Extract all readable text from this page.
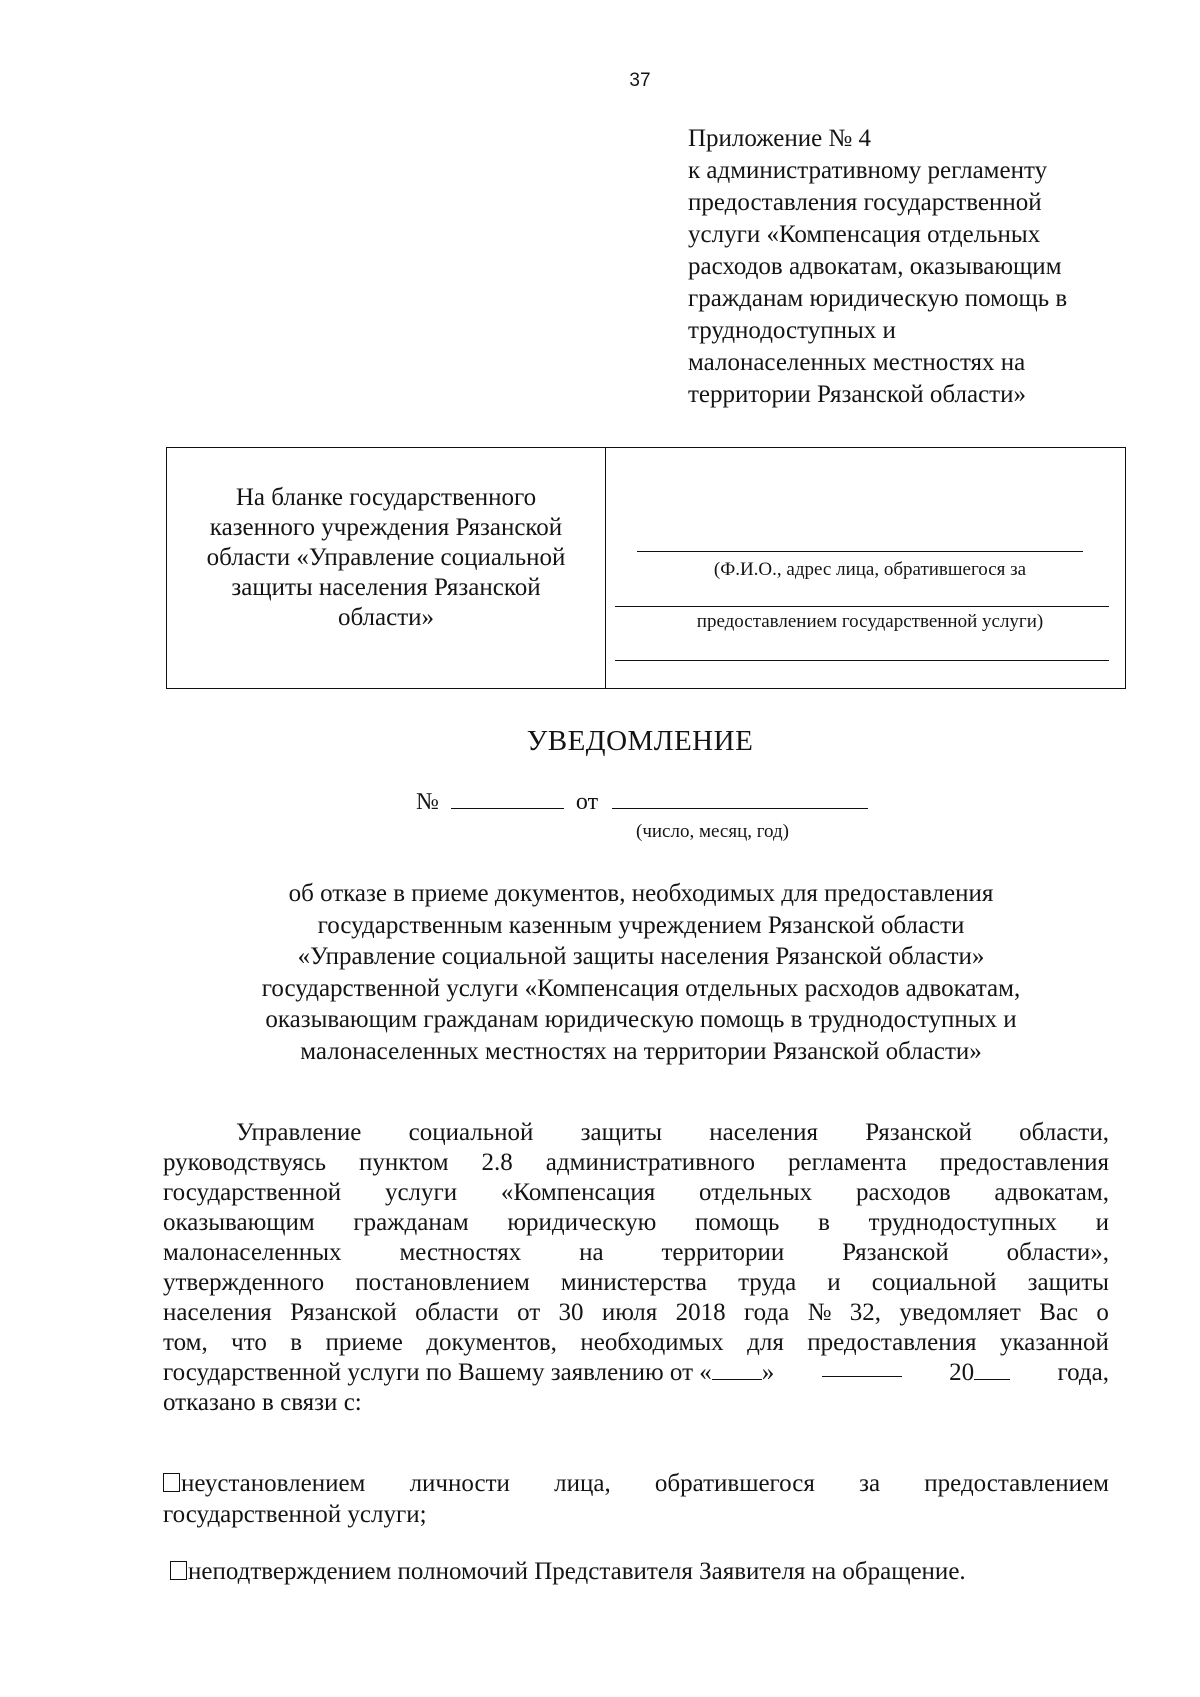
37
Приложение № 4
к административному регламенту
предоставления государственной
услуги «Компенсация отдельных
расходов адвокатам, оказывающим
гражданам юридическую помощь в
труднодоступных и
малонаселенных местностях на
территории Рязанской области»
На бланке государственного
казенного учреждения Рязанской
области «Управление социальной
защиты населения Рязанской
области»
(Ф.И.О., адрес лица, обратившегося за
предоставлением государственной услуги)
УВЕДОМЛЕНИЕ
№	от
(число, месяц, год)
об отказе в приеме документов, необходимых для предоставления
государственным казенным учреждением Рязанской области
«Управление социальной защиты населения Рязанской области»
государственной услуги «Компенсация отдельных расходов адвокатам,
оказывающим гражданам юридическую помощь в труднодоступных и
малонаселенных местностях на территории Рязанской области»
Управление социальной защиты населения Рязанской области,
руководствуясь пунктом 2.8 административного регламента предоставления
государственной услуги «Компенсация отдельных расходов адвокатам,
оказывающим гражданам юридическую помощь в труднодоступных и
малонаселенных местностях на территории Рязанской области»,
утвержденного постановлением министерства труда и социальной защиты
населения Рязанской области от 30 июля 2018 года № 32, уведомляет Вас о
том, что в приеме документов, необходимых для предоставления указанной
государственной услуги по Вашему заявлению от « »	20	года,
отказано в связи с:
неустановлением личности лица, обратившегося за предоставлением
государственной услуги;
неподтверждением полномочий Представителя Заявителя на обращение.
